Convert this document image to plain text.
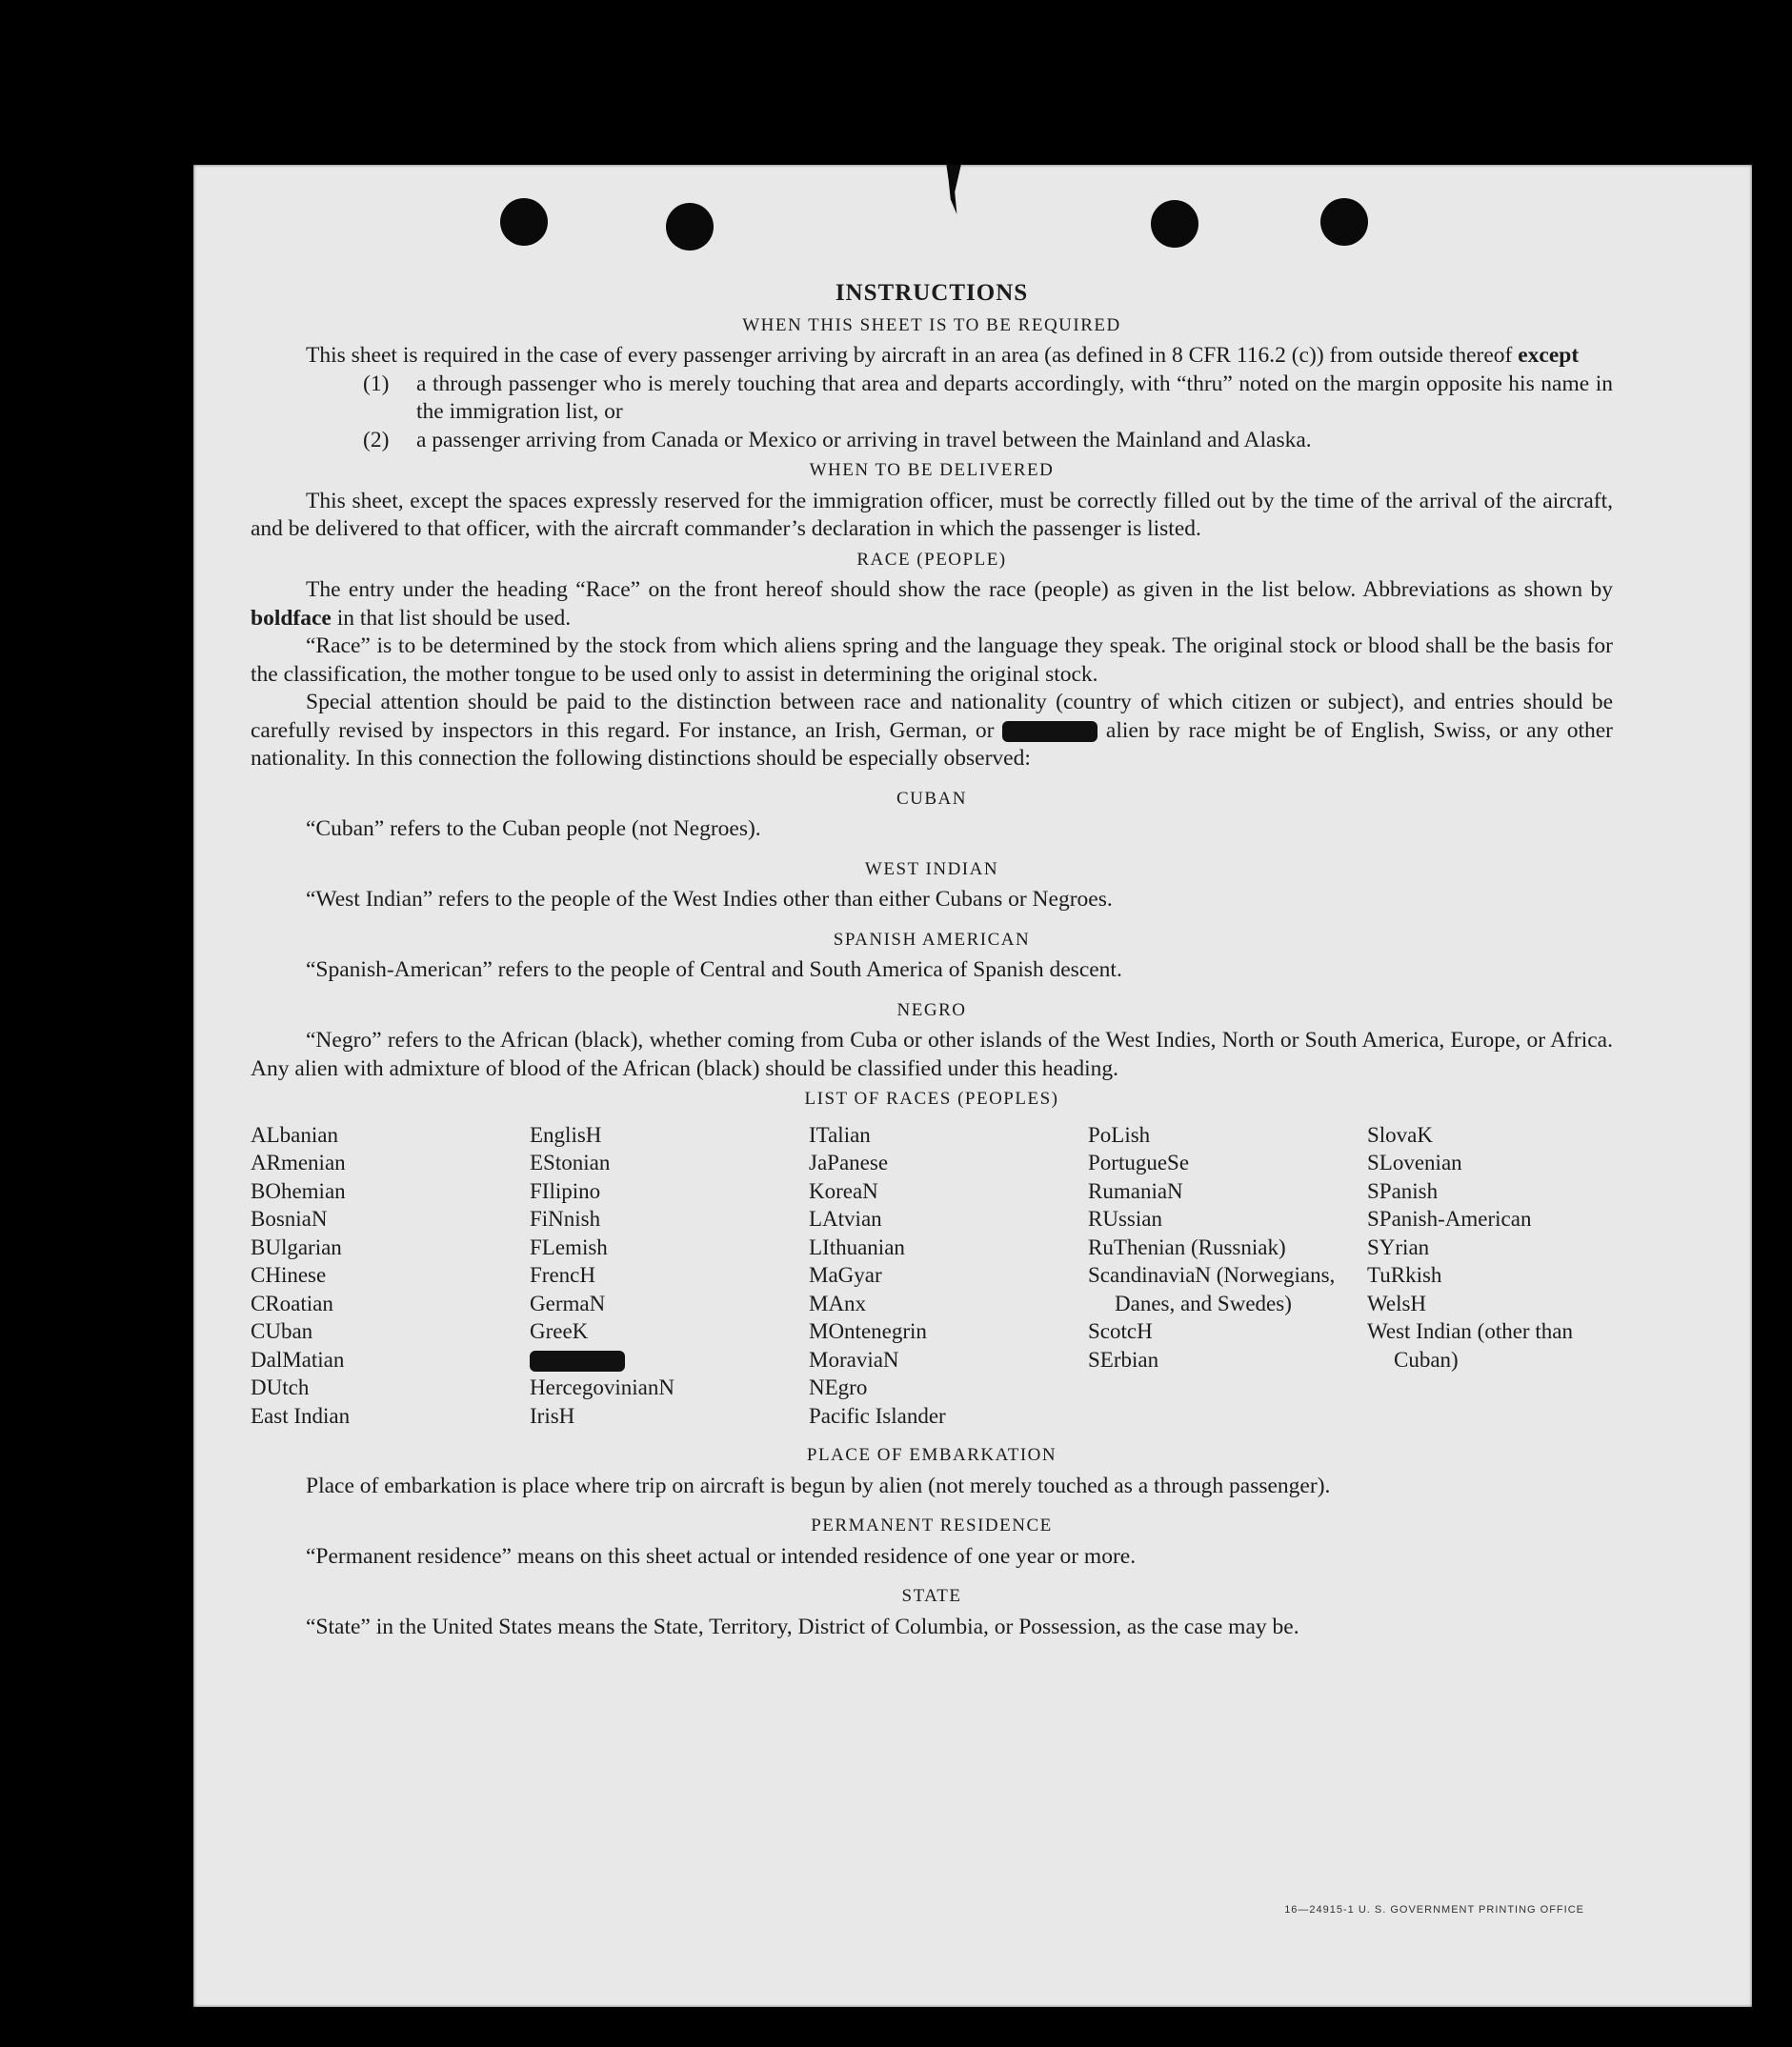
INSTRUCTIONS
WHEN THIS SHEET IS TO BE REQUIRED

This sheet is required in the case of every passenger arriving by aircraft in an area (as defined in 8 CFR 116.2 (c)) from outside thereof except

(1)	a through passenger who is merely touching that area and departs accordingly, with “thru” noted on the margin opposite his name in the immigration list, or
(2)	a passenger arriving from Canada or Mexico or arriving in travel between the Mainland and Alaska.
WHEN TO BE DELIVERED

This sheet, except the spaces expressly reserved for the immigration officer, must be correctly filled out by the time of the arrival of the aircraft, and be delivered to that officer, with the aircraft commander’s declaration in which the passenger is listed.

RACE (PEOPLE)

The entry under the heading “Race” on the front hereof should show the race (people) as given in the list below. Abbreviations as shown by boldface in that list should be used.

“Race” is to be determined by the stock from which aliens spring and the language they speak. The original stock or blood shall be the basis for the classification, the mother tongue to be used only to assist in determining the original stock.

Special attention should be paid to the distinction between race and nationality (country of which citizen or subject), and entries should be carefully revised by inspectors in this regard. For instance, an Irish, German, or	alien by race might be of English, Swiss, or any other nationality. In this connection the following distinctions should be especially observed:

CUBAN

“Cuban” refers to the Cuban people (not Negroes).

WEST INDIAN

“West Indian” refers to the people of the West Indies other than either Cubans or Negroes.

SPANISH AMERICAN

“Spanish-American” refers to the people of Central and South America of Spanish descent.

NEGRO

“Negro” refers to the African (black), whether coming from Cuba or other islands of the West Indies, North or South America, Europe, or Africa. Any alien with admixture of blood of the African (black) should be classified under this heading.

LIST OF RACES (PEOPLES)
ALbanian
ARmenian
BOhemian
BosniaN
BUlgarian
CHinese
CRoatian
CUban
DalMatian
DUtch
East Indian
EnglisH
EStonian
FIlipino
FiNnish
FLemish
FrencH
GermaN
GreeK
HercegovinianN
IrisH
ITalian
JaPanese
KoreaN
LAtvian
LIthuanian
MaGyar
MAnx
MOntenegrin
MoraviaN
NEgro
Pacific Islander
PoLish
PortugueSe
RumaniaN
RUssian
RuThenian (Russniak)
ScandinaviaN (Norwegians, Danes, and Swedes)
ScotcH
SErbian
SlovaK
SLovenian
SPanish
SPanish-American
SYrian
TuRkish
WelsH
West Indian (other than Cuban)
PLACE OF EMBARKATION

Place of embarkation is place where trip on aircraft is begun by alien (not merely touched as a through passenger).

PERMANENT RESIDENCE

“Permanent residence” means on this sheet actual or intended residence of one year or more.

STATE

“State” in the United States means the State, Territory, District of Columbia, or Possession, as the case may be.

16—24915-1 U. S. GOVERNMENT PRINTING OFFICE
